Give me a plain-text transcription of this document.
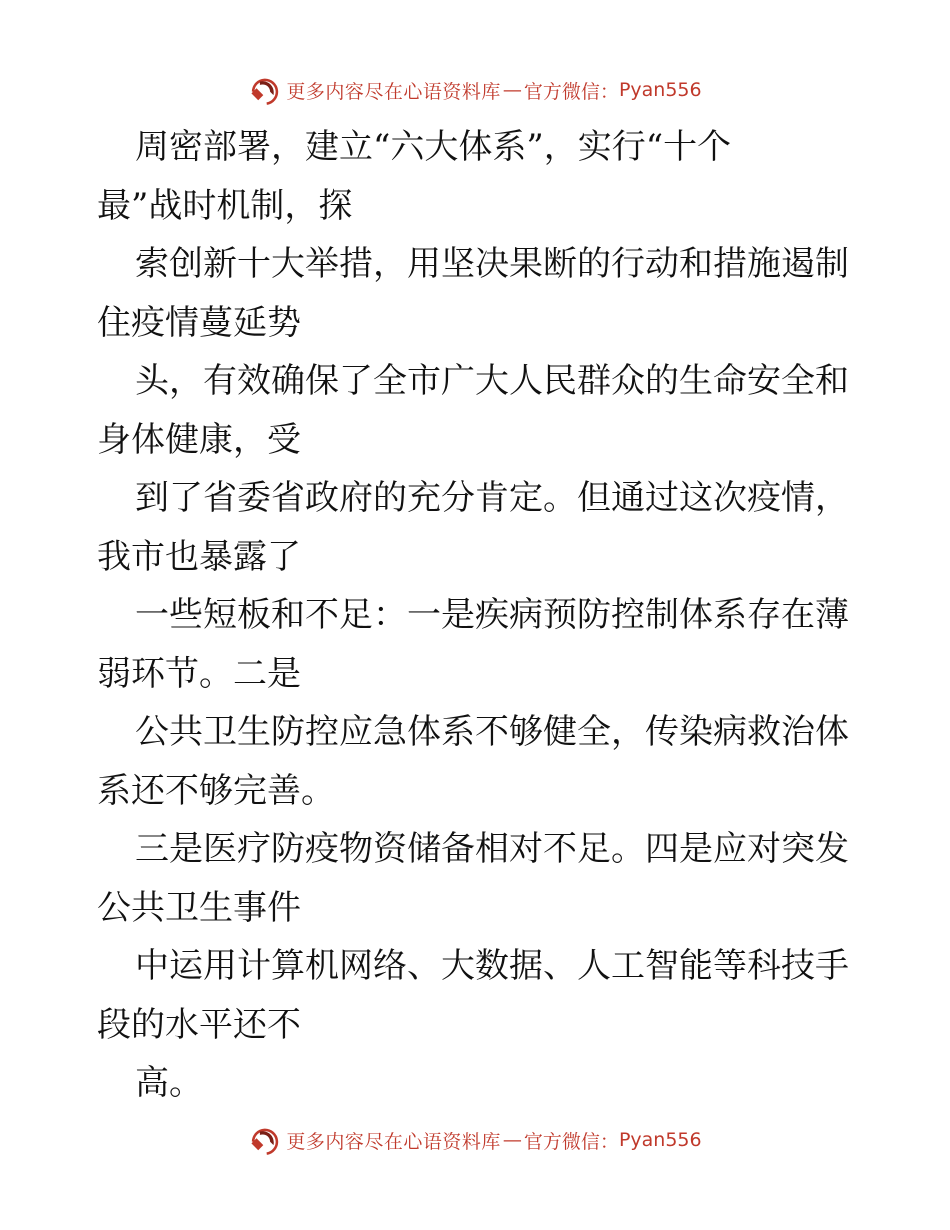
更多内容尽在心语资料库 — 官方微信： Pyan556
周密部署，建立“六大体系”，实行“十个
最”战时机制，探
索创新十大举措，用坚决果断的行动和措施遏制
住疫情蔓延势
头，有效确保了全市广大人民群众的生命安全和
身体健康，受
到了省委省政府的充分肯定。但通过这次疫情，
我市也暴露了
一些短板和不足：一是疾病预防控制体系存在薄
弱环节。二是
公共卫生防控应急体系不够健全，传染病救治体
系还不够完善。
三是医疗防疫物资储备相对不足。四是应对突发
公共卫生事件
中运用计算机网络、大数据、人工智能等科技手
段的水平还不
高。
更多内容尽在心语资料库 — 官方微信： Pyan556
